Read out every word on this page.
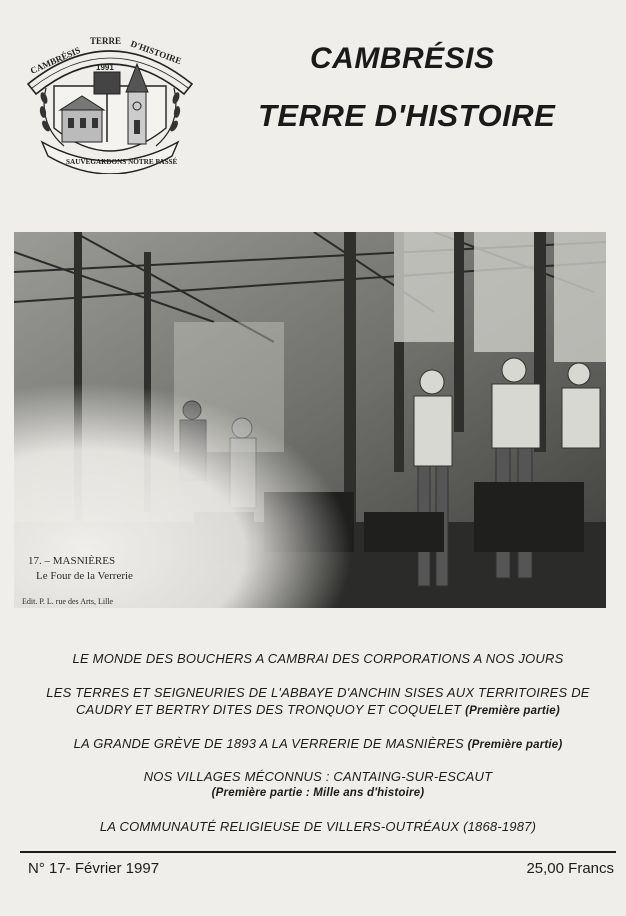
CAMBRÉSIS
TERRE D'HISTOIRE
1991
SAUVEGARDONS NOTRE PASSÉ
CAMBRÉSIS
TERRE D'HISTOIRE
17. – MASNIÈRES
Le Four de la Verrerie
Edit. P. L. rue des Arts, Lille
LE MONDE DES BOUCHERS A CAMBRAI DES CORPORATIONS A NOS JOURS
LES TERRES ET SEIGNEURIES DE L'ABBAYE D'ANCHIN SISES AUX TERRITOIRES DE CAUDRY ET BERTRY DITES DES TRONQUOY ET COQUELET (Première partie)
LA GRANDE GRÈVE DE 1893 A LA VERRERIE DE MASNIÈRES (Première partie)
NOS VILLAGES MÉCONNUS : CANTAING-SUR-ESCAUT
(Première partie : Mille ans d'histoire)
LA COMMUNAUTÉ RELIGIEUSE DE VILLERS-OUTRÉAUX (1868-1987)
N° 17- Février 1997	25,00 Francs
